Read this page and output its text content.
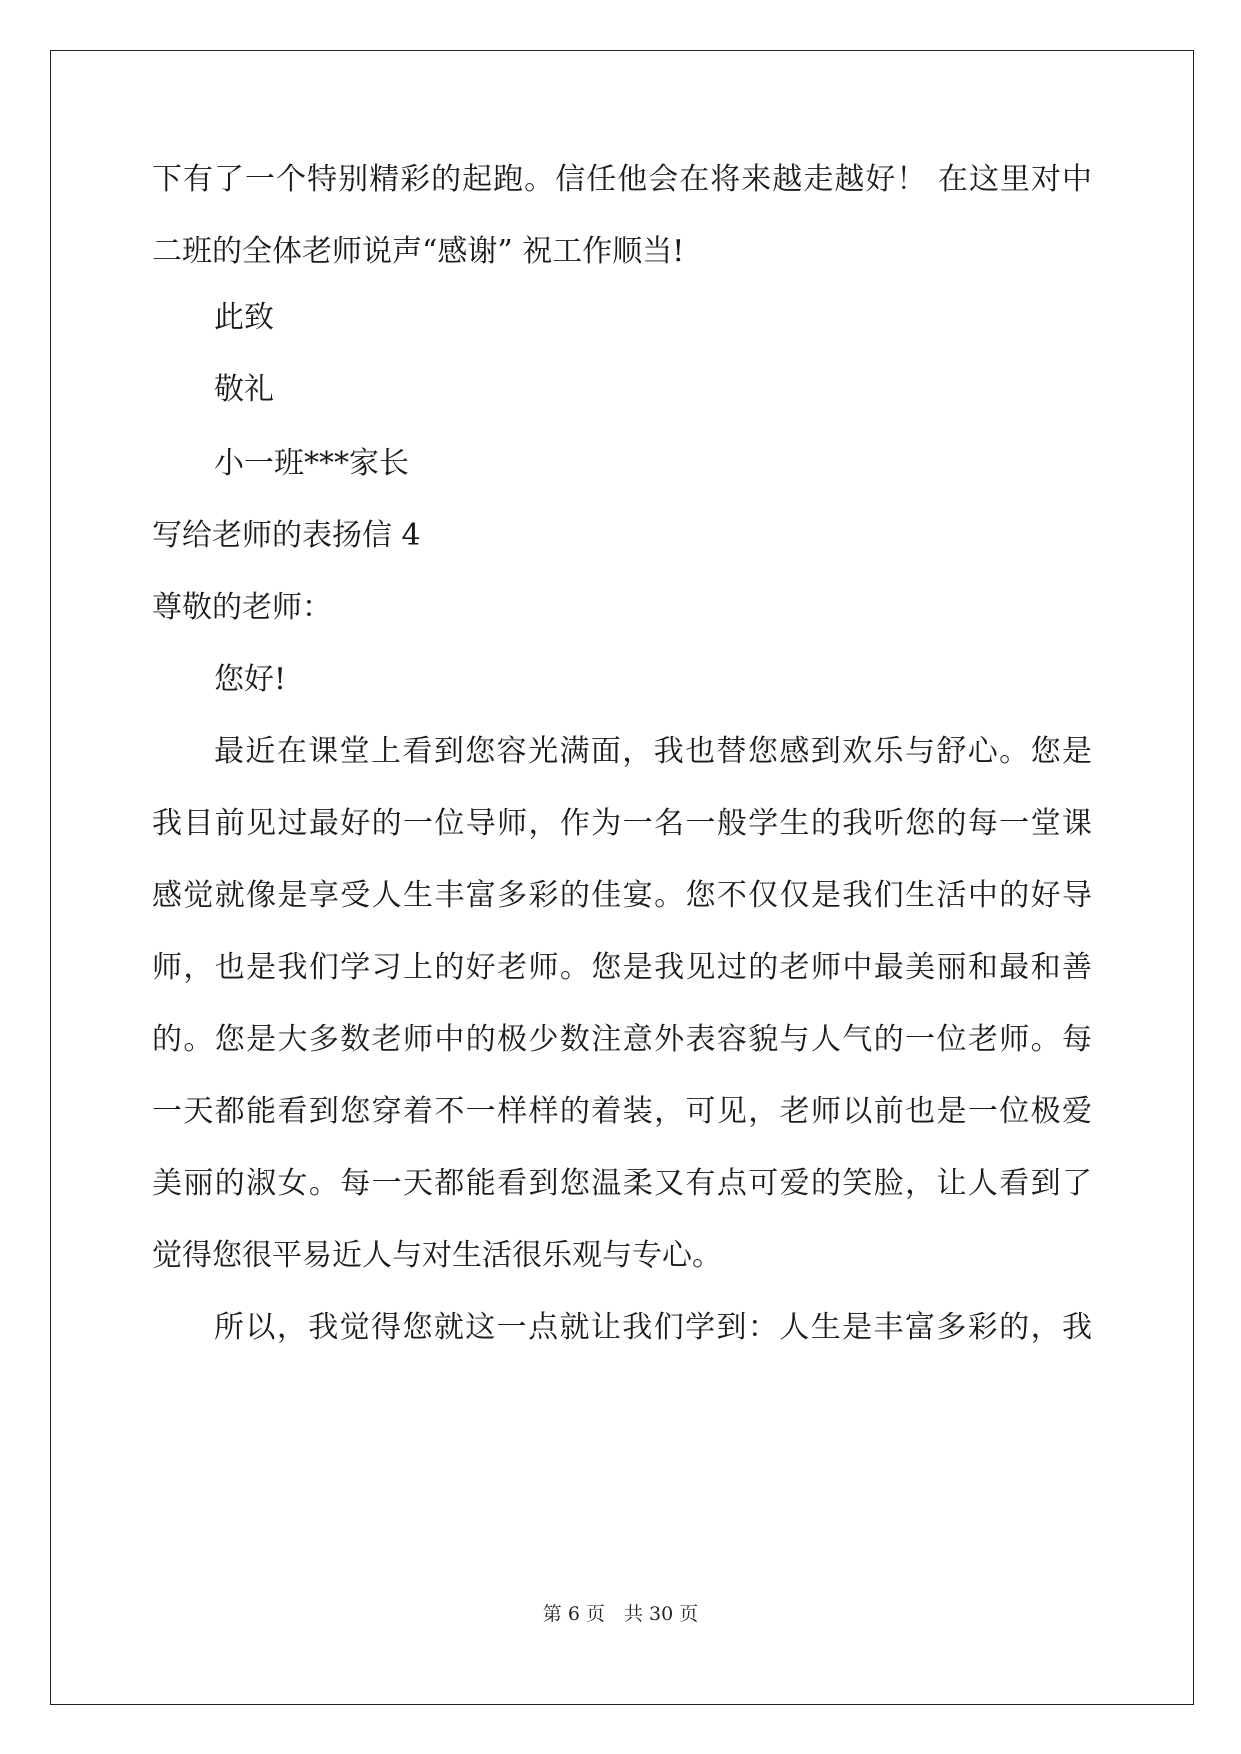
下有了一个特别精彩的起跑。信任他会在将来越走越好！ 在这里对中
二班的全体老师说声“感谢” 祝工作顺当!
此致
敬礼
小一班***家长
写给老师的表扬信 4
尊敬的老师：
您好!
最近在课堂上看到您容光满面，我也替您感到欢乐与舒心。您是
我目前见过最好的一位导师，作为一名一般学生的我听您的每一堂课
感觉就像是享受人生丰富多彩的佳宴。您不仅仅是我们生活中的好导
师，也是我们学习上的好老师。您是我见过的老师中最美丽和最和善
的。您是大多数老师中的极少数注意外表容貌与人气的一位老师。每
一天都能看到您穿着不一样样的着装，可见，老师以前也是一位极爱
美丽的淑女。每一天都能看到您温柔又有点可爱的笑脸，让人看到了
觉得您很平易近人与对生活很乐观与专心。
所以，我觉得您就这一点就让我们学到：人生是丰富多彩的，我
第 6 页　共 30 页
